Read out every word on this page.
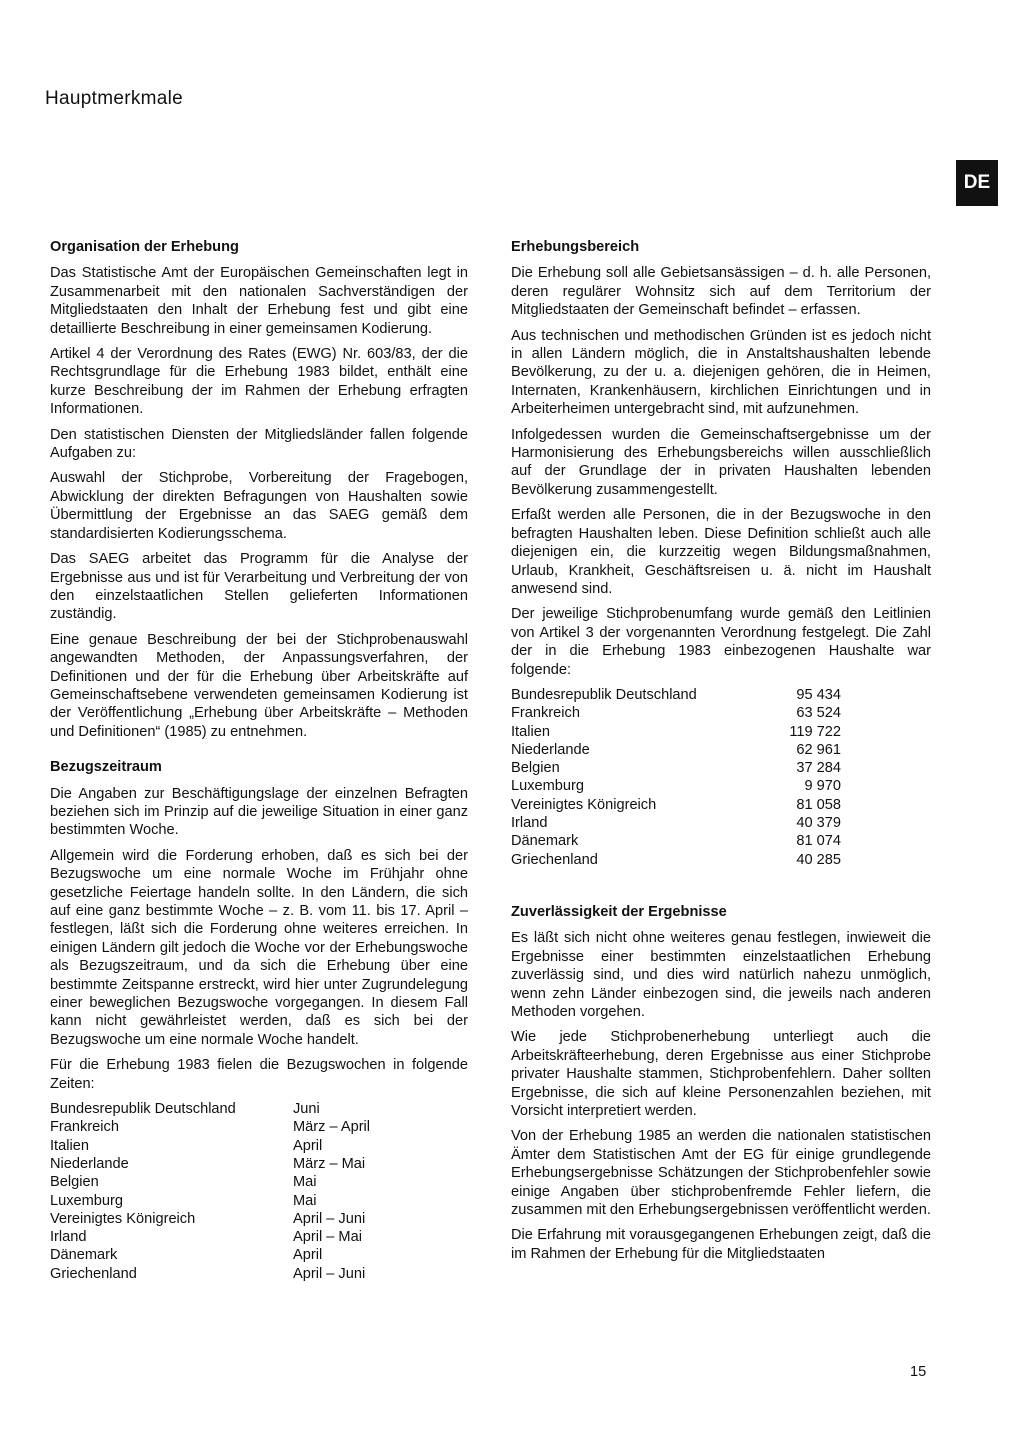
Hauptmerkmale
DE
Organisation der Erhebung

Das Statistische Amt der Europäischen Gemeinschaften legt in Zusammenarbeit mit den nationalen Sachverständigen der Mitgliedstaaten den Inhalt der Erhebung fest und gibt eine detaillierte Beschreibung in einer gemeinsamen Kodierung.

Artikel 4 der Verordnung des Rates (EWG) Nr. 603/83, der die Rechtsgrundlage für die Erhebung 1983 bildet, enthält eine kurze Beschreibung der im Rahmen der Erhebung erfragten Informationen.

Den statistischen Diensten der Mitgliedsländer fallen folgende Aufgaben zu:

Auswahl der Stichprobe, Vorbereitung der Fragebogen, Abwicklung der direkten Befragungen von Haushalten sowie Übermittlung der Ergebnisse an das SAEG gemäß dem standardisierten Kodierungsschema.

Das SAEG arbeitet das Programm für die Analyse der Ergebnisse aus und ist für Verarbeitung und Verbreitung der von den einzelstaatlichen Stellen gelieferten Informationen zuständig.

Eine genaue Beschreibung der bei der Stichprobenauswahl angewandten Methoden, der Anpassungsverfahren, der Definitionen und der für die Erhebung über Arbeitskräfte auf Gemeinschaftsebene verwendeten gemeinsamen Kodierung ist der Veröffentlichung „Erhebung über Arbeitskräfte – Methoden und Definitionen“ (1985) zu entnehmen.

Bezugszeitraum

Die Angaben zur Beschäftigungslage der einzelnen Befragten beziehen sich im Prinzip auf die jeweilige Situation in einer ganz bestimmten Woche.

Allgemein wird die Forderung erhoben, daß es sich bei der Bezugswoche um eine normale Woche im Frühjahr ohne gesetzliche Feiertage handeln sollte. In den Ländern, die sich auf eine ganz bestimmte Woche – z. B. vom 11. bis 17. April – festlegen, läßt sich die Forderung ohne weiteres erreichen. In einigen Ländern gilt jedoch die Woche vor der Erhebungswoche als Bezugszeitraum, und da sich die Erhebung über eine bestimmte Zeitspanne erstreckt, wird hier unter Zugrundelegung einer beweglichen Bezugswoche vorgegangen. In diesem Fall kann nicht gewährleistet werden, daß es sich bei der Bezugswoche um eine normale Woche handelt.

Für die Erhebung 1983 fielen die Bezugswochen in folgende Zeiten:

Bundesrepublik Deutschland	Juni
Frankreich	März – April
Italien	April
Niederlande	März – Mai
Belgien	Mai
Luxemburg	Mai
Vereinigtes Königreich	April – Juni
Irland	April – Mai
Dänemark	April
Griechenland	April – Juni
Erhebungsbereich

Die Erhebung soll alle Gebietsansässigen – d. h. alle Personen, deren regulärer Wohnsitz sich auf dem Territorium der Mitgliedstaaten der Gemeinschaft befindet – erfassen.

Aus technischen und methodischen Gründen ist es jedoch nicht in allen Ländern möglich, die in Anstaltshaushalten lebende Bevölkerung, zu der u. a. diejenigen gehören, die in Heimen, Internaten, Krankenhäusern, kirchlichen Einrichtungen und in Arbeiterheimen untergebracht sind, mit aufzunehmen.

Infolgedessen wurden die Gemeinschaftsergebnisse um der Harmonisierung des Erhebungsbereichs willen ausschließlich auf der Grundlage der in privaten Haushalten lebenden Bevölkerung zusammengestellt.

Erfaßt werden alle Personen, die in der Bezugswoche in den befragten Haushalten leben. Diese Definition schließt auch alle diejenigen ein, die kurzzeitig wegen Bildungsmaßnahmen, Urlaub, Krankheit, Geschäftsreisen u. ä. nicht im Haushalt anwesend sind.

Der jeweilige Stichprobenumfang wurde gemäß den Leitlinien von Artikel 3 der vorgenannten Verordnung festgelegt. Die Zahl der in die Erhebung 1983 einbezogenen Haushalte war folgende:

Bundesrepublik Deutschland	95 434
Frankreich	63 524
Italien	119 722
Niederlande	62 961
Belgien	37 284
Luxemburg	9 970
Vereinigtes Königreich	81 058
Irland	40 379
Dänemark	81 074
Griechenland	40 285
Zuverlässigkeit der Ergebnisse

Es läßt sich nicht ohne weiteres genau festlegen, inwieweit die Ergebnisse einer bestimmten einzelstaatlichen Erhebung zuverlässig sind, und dies wird natürlich nahezu unmöglich, wenn zehn Länder einbezogen sind, die jeweils nach anderen Methoden vorgehen.

Wie jede Stichprobenerhebung unterliegt auch die Arbeitskräfteerhebung, deren Ergebnisse aus einer Stichprobe privater Haushalte stammen, Stichprobenfehlern. Daher sollten Ergebnisse, die sich auf kleine Personenzahlen beziehen, mit Vorsicht interpretiert werden.

Von der Erhebung 1985 an werden die nationalen statistischen Ämter dem Statistischen Amt der EG für einige grundlegende Erhebungsergebnisse Schätzungen der Stichprobenfehler sowie einige Angaben über stichprobenfremde Fehler liefern, die zusammen mit den Erhebungsergebnissen veröffentlicht werden.

Die Erfahrung mit vorausgegangenen Erhebungen zeigt, daß die im Rahmen der Erhebung für die Mitgliedstaaten

15
